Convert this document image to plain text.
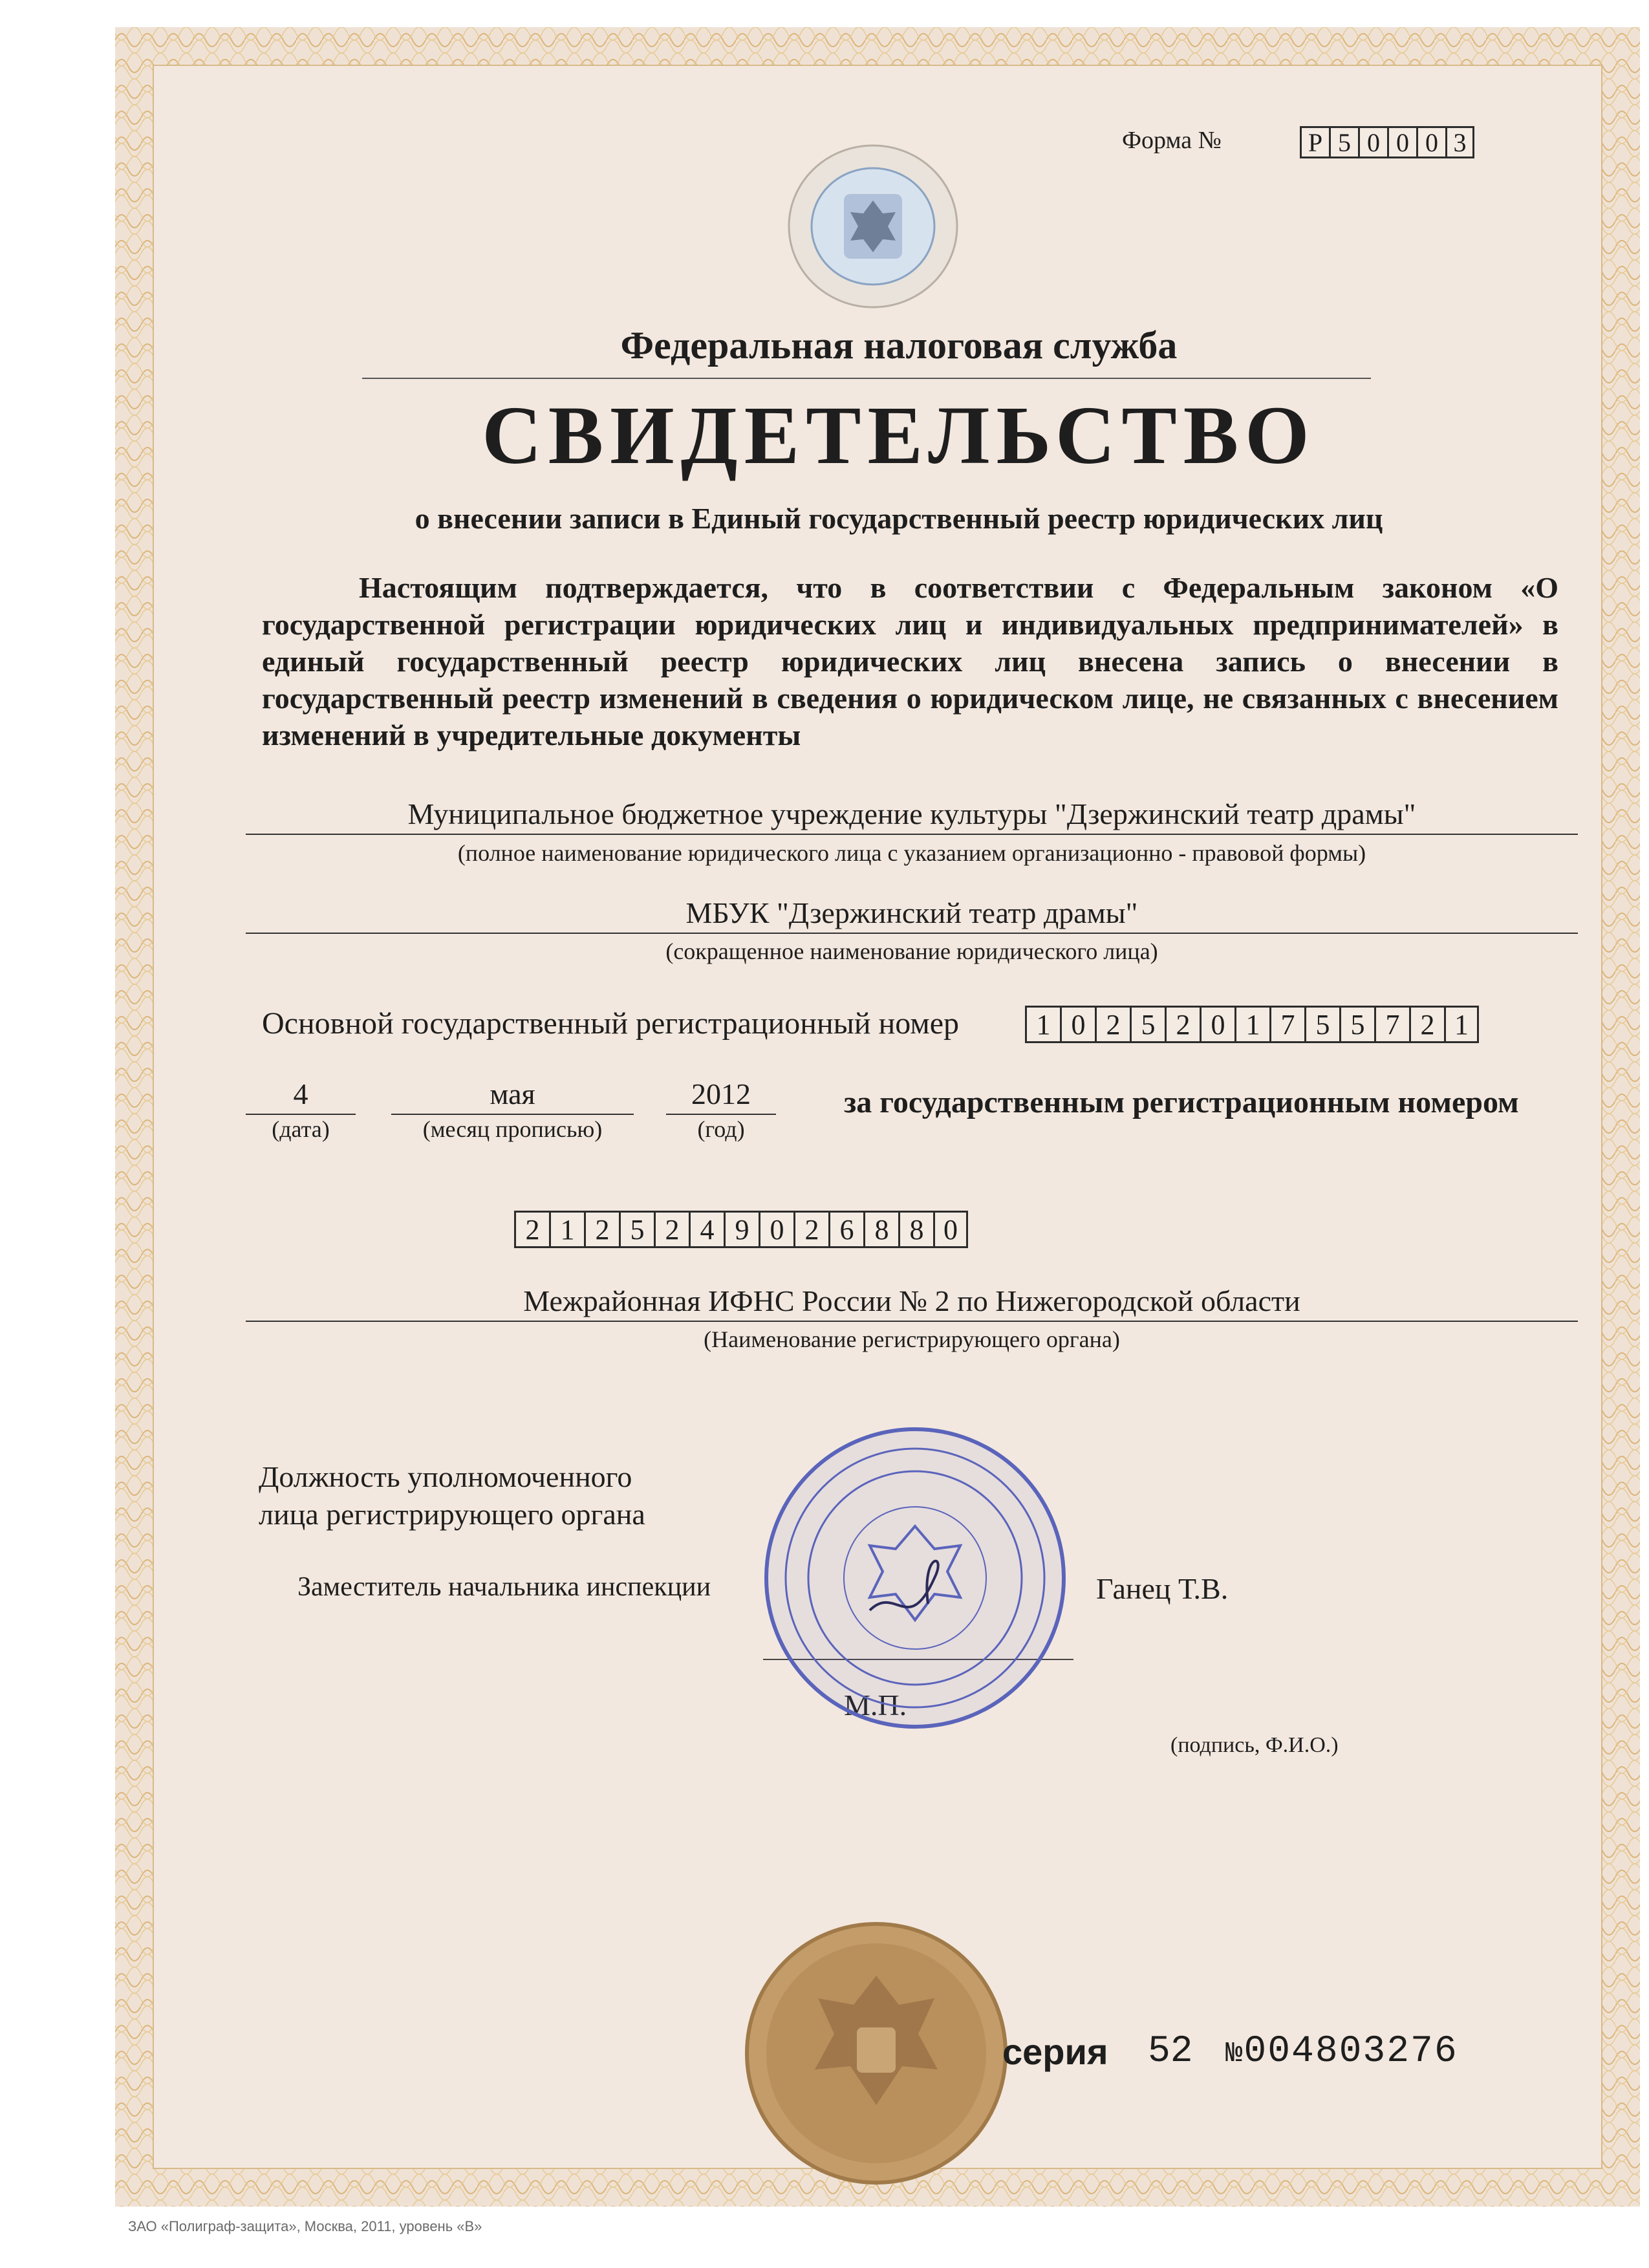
Форма №	Р 5 0 0 0 3
Федеральная налоговая служба
СВИДЕТЕЛЬСТВО
о внесении записи в Единый государственный реестр юридических лиц
Настоящим подтверждается, что в соответствии с Федеральным законом «О государственной регистрации юридических лиц и индивидуальных предпринимателей» в единый государственный реестр юридических лиц внесена запись о внесении в государственный реестр изменений в сведения о юридическом лице, не связанных с внесением изменений в учредительные документы
Муниципальное бюджетное учреждение культуры "Дзержинский театр драмы"
(полное наименование юридического лица с указанием организационно - правовой формы)
МБУК "Дзержинский театр драмы"
(сокращенное наименование юридического лица)
Основной государственный регистрационный номер	1 0 2 5 2 0 1 7 5 5 7 2 1
4
(дата)
мая
(месяц прописью)
2012
(год)
за государственным регистрационным номером
2 1 2 5 2 4 9 0 2 6 8 8 0
Межрайонная ИФНС России № 2 по Нижегородской области
(Наименование регистрирующего органа)
Должность уполномоченного
лица регистрирующего органа
Заместитель начальника инспекции	Ганец Т.В.
(подпись, Ф.И.О.)
серия 52 №004803276
ЗАО «Полиграф-защита», Москва, 2011, уровень «В»
